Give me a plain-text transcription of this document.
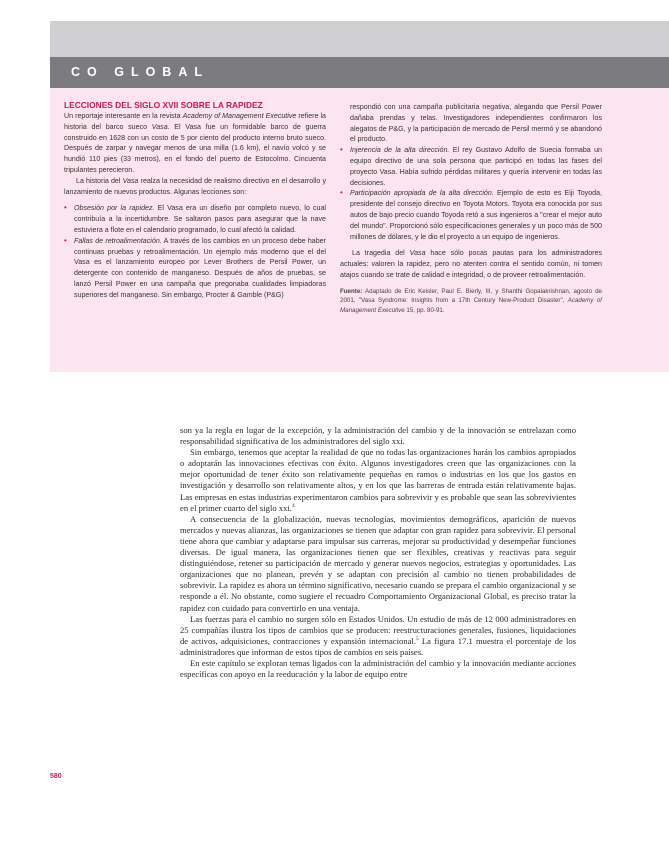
CO GLOBAL

LECCIONES DEL SIGLO XVII SOBRE LA RAPIDEZ

Un reportaje interesante en la revista Academy of Management Executive refiere la historia del barco sueco Vasa. El Vasa fue un formidable barco de guerra construido en 1628 con un costo de 5 por ciento del producto interno bruto sueco. Después de zarpar y navegar menos de una milla (1.6 km), el navío volcó y se hundió 110 pies (33 metros), en el fondo del puerto de Estocolmo. Cincuenta tripulantes perecieron.

La historia del Vasa realza la necesidad de realismo directivo en el desarrollo y lanzamiento de nuevos productos. Algunas lecciones son:

•	Obsesión por la rapidez. El Vasa era un diseño por completo nuevo, lo cual contribuía a la incertidumbre. Se saltaron pasos para asegurar que la nave estuviera a flote en el calendario programado, lo cual afectó la calidad.
•	Fallas de retroalimentación. A través de los cambios en un proceso debe haber continuas pruebas y retroalimentación. Un ejemplo más moderno que el del Vasa es el lanzamiento europeo por Lever Brothers de Persil Power, un detergente con contenido de manganeso. Después de años de pruebas, se lanzó Persil Power en una campaña que pregonaba cualidades limpiadoras superiores del manganeso. Sin embargo, Procter & Gamble (P&G)

respondió con una campaña publicitaria negativa, alegando que Persil Power dañaba prendas y telas. Investigadores independientes confirmaron los alegatos de P&G, y la participación de mercado de Persil mermó y se abandonó el producto.

•	Injerencia de la alta dirección. El rey Gustavo Adolfo de Suecia formaba un equipo directivo de una sola persona que participó en todas las fases del proyecto Vasa. Había sufrido pérdidas militares y quería intervenir en todas las decisiones.
•	Participación apropiada de la alta dirección. Ejemplo de esto es Eiji Toyoda, presidente del consejo directivo en Toyota Motors. Toyota era conocida por sus autos de bajo precio cuando Toyoda retó a sus ingenieros a "crear el mejor auto del mundo". Proporcionó sólo especificaciones generales y un poco más de 500 millones de dólares, y le dio el proyecto a un equipo de ingenieros.

La tragedia del Vasa hace sólo pocas pautas para los administradores actuales: valoren la rapidez, pero no atenten contra el sentido común, ni tomen atajos cuando se trate de calidad e integridad, o de proveer retroalimentación.

Fuente: Adaptado de Eric Keisler, Paul E. Bierly, III, y Shanthi Gopalakrishnan, agosto de 2001, "Vasa Syndrome: Insights from a 17th Century New-Product Disaster", Academy of Management Executive 15, pp. 80-91.

son ya la regla en lugar de la excepción, y la administración del cambio y de la innovación se entrelazan como responsabilidad significativa de los administradores del siglo xxi.

Sin embargo, tenemos que aceptar la realidad de que no todas las organizaciones harán los cambios apropiados o adoptarán las innovaciones efectivas con éxito. Algunos investigadores creen que las organizaciones con la mejor oportunidad de tener éxito son relativamente pequeñas en ramos o industrias en los que los gastos en investigación y desarrollo son relativamente altos, y en los que las barreras de entrada están relativamente bajas. Las empresas en estas industrias experimentaron cambios para sobrevivir y es probable que sean las sobrevivientes en el primer cuarto del siglo xxi.$^4$

A consecuencia de la globalización, nuevas tecnologías, movimientos demográficos, aparición de nuevos mercados y nuevas alianzas, las organizaciones se tienen que adaptar con gran rapidez para sobrevivir. El personal tiene ahora que cambiar y adaptarse para impulsar sus carreras, mejorar su productividad y desempeñar funciones diversas. De igual manera, las organizaciones tienen que ser flexibles, creativas y reactivas para seguir distinguiéndose, retener su participación de mercado y generar nuevos negocios, estrategias y oportunidades. Las organizaciones que no planean, prevén y se adaptan con precisión al cambio no tienen probabilidades de sobrevivir. La rapidez es ahora un término significativo, necesario cuando se prepara el cambio organizacional y se responde a él. No obstante, como sugiere el recuadro Comportamiento Organizacional Global, es preciso tratar la rapidez con cuidado para convertirlo en una ventaja.

Las fuerzas para el cambio no surgen sólo en Estados Unidos. Un estudio de más de 12 000 administradores en 25 compañías ilustra los tipos de cambios que se producen: reestructuraciones generales, fusiones, liquidaciones de activos, adquisiciones, contracciones y expansión internacional.$^5$ La figura 17.1 muestra el porcentaje de los administradores que informan de estos tipos de cambios en seis países.

En este capítulo se exploran temas ligados con la administración del cambio y la innovación mediante acciones específicas con apoyo en la reeducación y la labor de equipo entre

580
